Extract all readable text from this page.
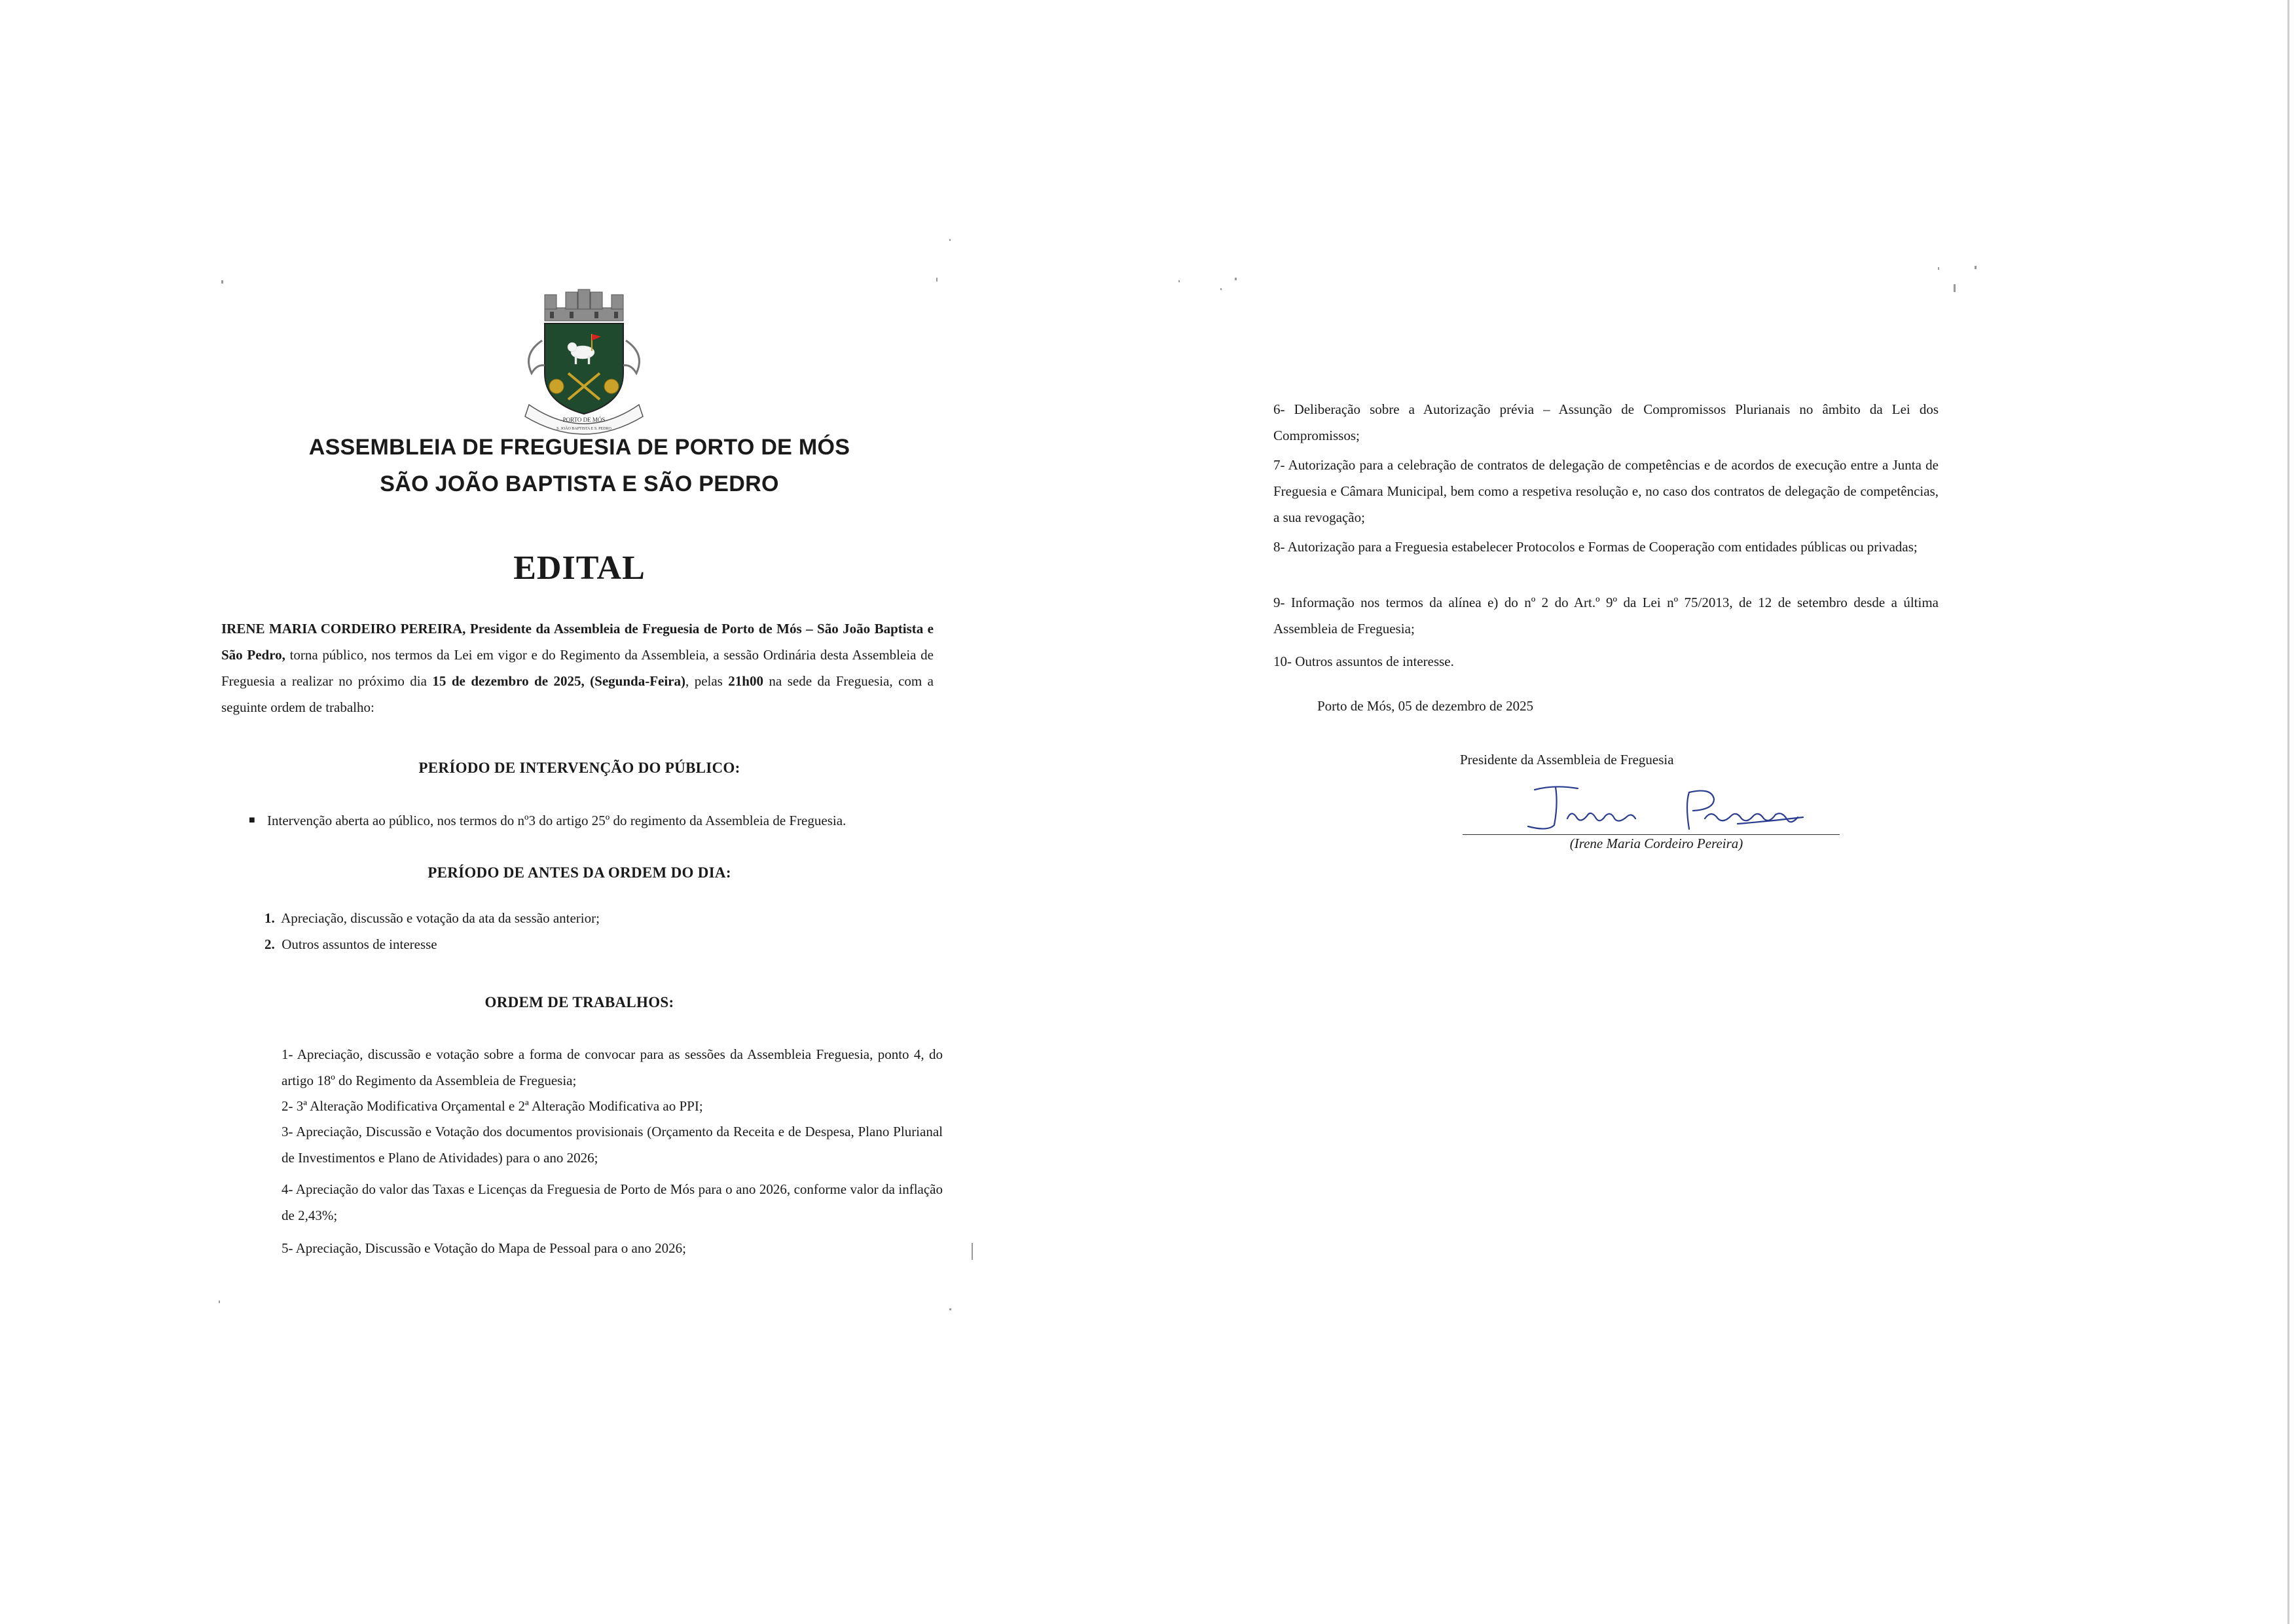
PORTO DE MÓS
S. JOÃO BAPTISTA E S. PEDRO
ASSEMBLEIA DE FREGUESIA DE PORTO DE MÓS
SÃO JOÃO BAPTISTA E SÃO PEDRO
EDITAL
IRENE MARIA CORDEIRO PEREIRA, Presidente da Assembleia de Freguesia de Porto de Mós – São João Baptista e São Pedro, torna público, nos termos da Lei em vigor e do Regimento da Assembleia, a sessão Ordinária desta Assembleia de Freguesia a realizar no próximo dia 15 de dezembro de 2025, (Segunda-Feira), pelas 21h00 na sede da Freguesia, com a seguinte ordem de trabalho:
PERÍODO DE INTERVENÇÃO DO PÚBLICO:
■ Intervenção aberta ao público, nos termos do nº3 do artigo 25º do regimento da Assembleia de Freguesia.
PERÍODO DE ANTES DA ORDEM DO DIA:
1. Apreciação, discussão e votação da ata da sessão anterior;
2. Outros assuntos de interesse
ORDEM DE TRABALHOS:
1- Apreciação, discussão e votação sobre a forma de convocar para as sessões da Assembleia Freguesia, ponto 4, do artigo 18º do Regimento da Assembleia de Freguesia;
2- 3ª Alteração Modificativa Orçamental e 2ª Alteração Modificativa ao PPI;
3- Apreciação, Discussão e Votação dos documentos provisionais (Orçamento da Receita e de Despesa, Plano Plurianal de Investimentos e Plano de Atividades) para o ano 2026;
4- Apreciação do valor das Taxas e Licenças da Freguesia de Porto de Mós para o ano 2026, conforme valor da inflação de 2,43%;
5- Apreciação, Discussão e Votação do Mapa de Pessoal para o ano 2026;
6- Deliberação sobre a Autorização prévia – Assunção de Compromissos Plurianais no âmbito da Lei dos Compromissos;
7- Autorização para a celebração de contratos de delegação de competências e de acordos de execução entre a Junta de Freguesia e Câmara Municipal, bem como a respetiva resolução e, no caso dos contratos de delegação de competências, a sua revogação;
8- Autorização para a Freguesia estabelecer Protocolos e Formas de Cooperação com entidades públicas ou privadas;
9- Informação nos termos da alínea e) do nº 2 do Art.º 9º da Lei nº 75/2013, de 12 de setembro desde a última Assembleia de Freguesia;
10- Outros assuntos de interesse.
Porto de Mós, 05 de dezembro de 2025
Presidente da Assembleia de Freguesia
(Irene Maria Cordeiro Pereira)
